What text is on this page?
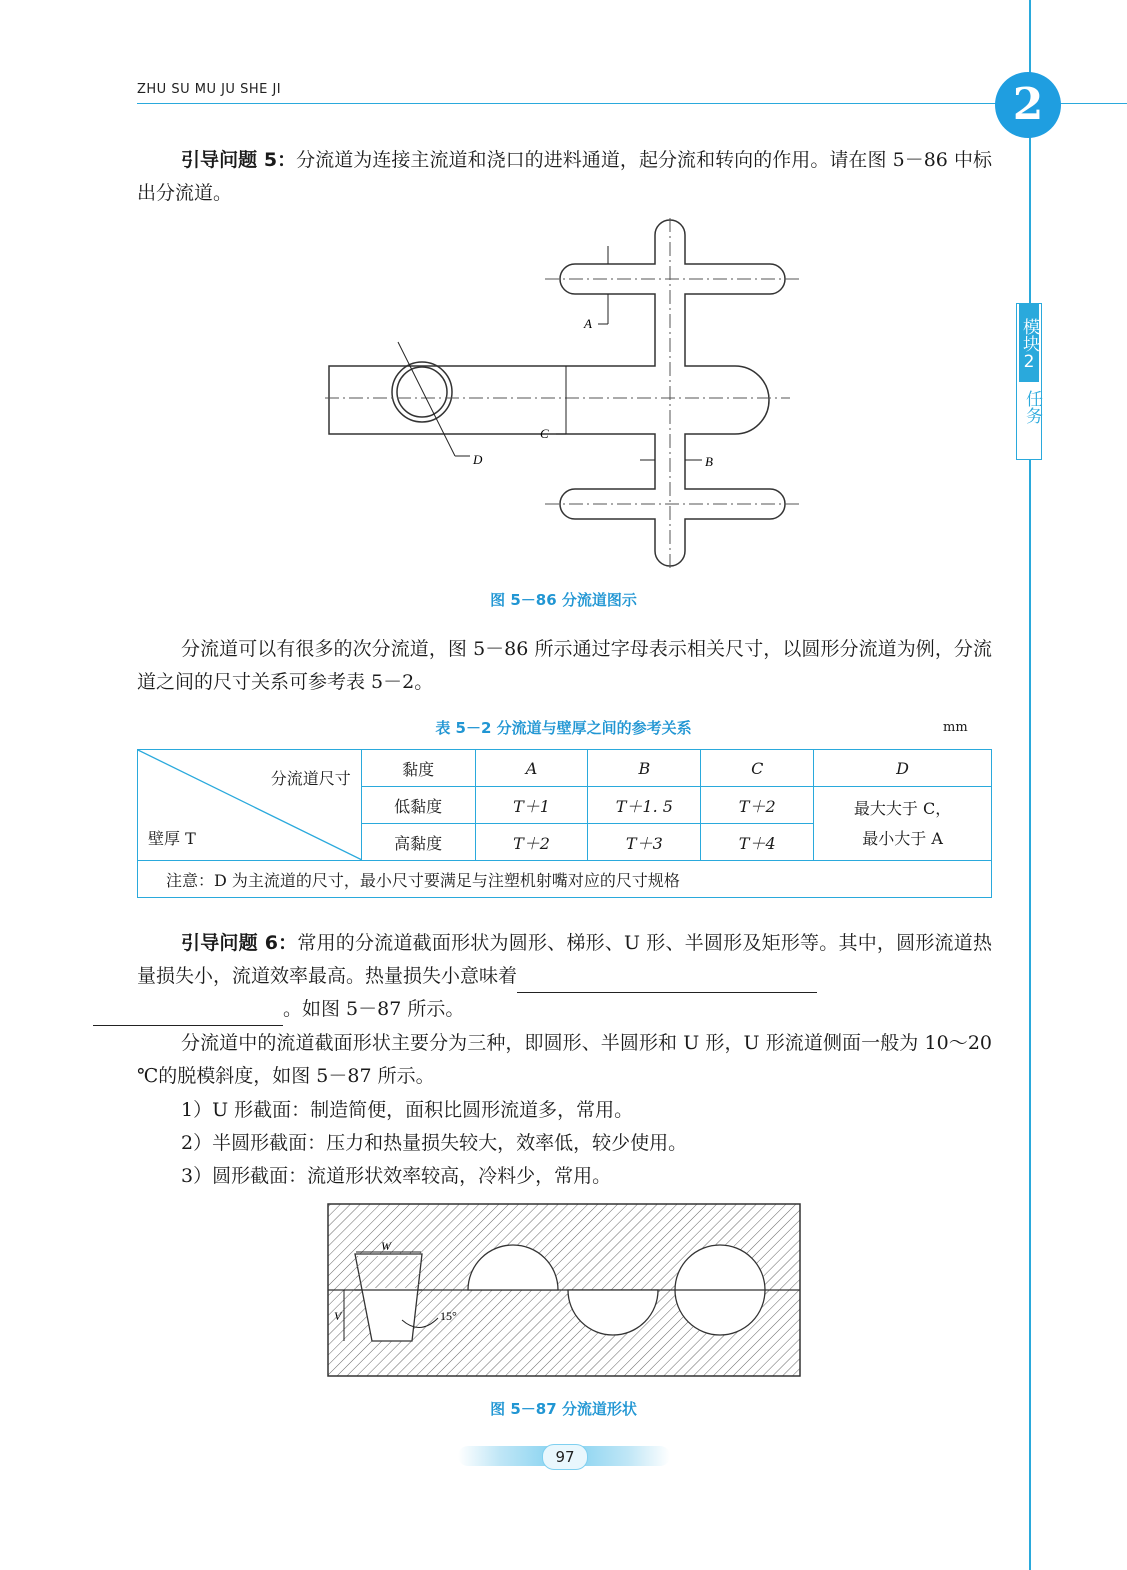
ZHU SU MU JU SHE JI	2
模块2
任务
引导问题 5：分流道为连接主流道和浇口的进料通道，起分流和转向的作用。请在图 5－86 中标出分流道。
A
C
B
D
图 5－86 分流道图示
分流道可以有很多的次分流道，图 5－86 所示通过字母表示相关尺寸，以圆形分流道为例，分流道之间的尺寸关系可参考表 5－2。
表 5－2 分流道与壁厚之间的参考关系	mm
分流道尺寸
壁厚 T	黏度	A	B	C	D
	低黏度	T＋1	T＋1. 5	T＋2	最大大于 C，
最小大于 A

	高黏度	T＋2	T＋3	T＋4	
注意：D 为主流道的尺寸，最小尺寸要满足与注塑机射嘴对应的尺寸规格					
引导问题 6：常用的分流道截面形状为圆形、梯形、U 形、半圆形及矩形等。其中，圆形流道热量损失小，流道效率最高。热量损失小意味着
。如图 5－87 所示。
分流道中的流道截面形状主要分为三种，即圆形、半圆形和 U 形，U 形流道侧面一般为 10～20 ℃的脱模斜度，如图 5－87 所示。
1）U 形截面：制造简便，面积比圆形流道多，常用。
2）半圆形截面：压力和热量损失较大，效率低，较少使用。
3）圆形截面：流道形状效率较高，冷料少，常用。
W
V	15°
图 5－87 分流道形状
97
